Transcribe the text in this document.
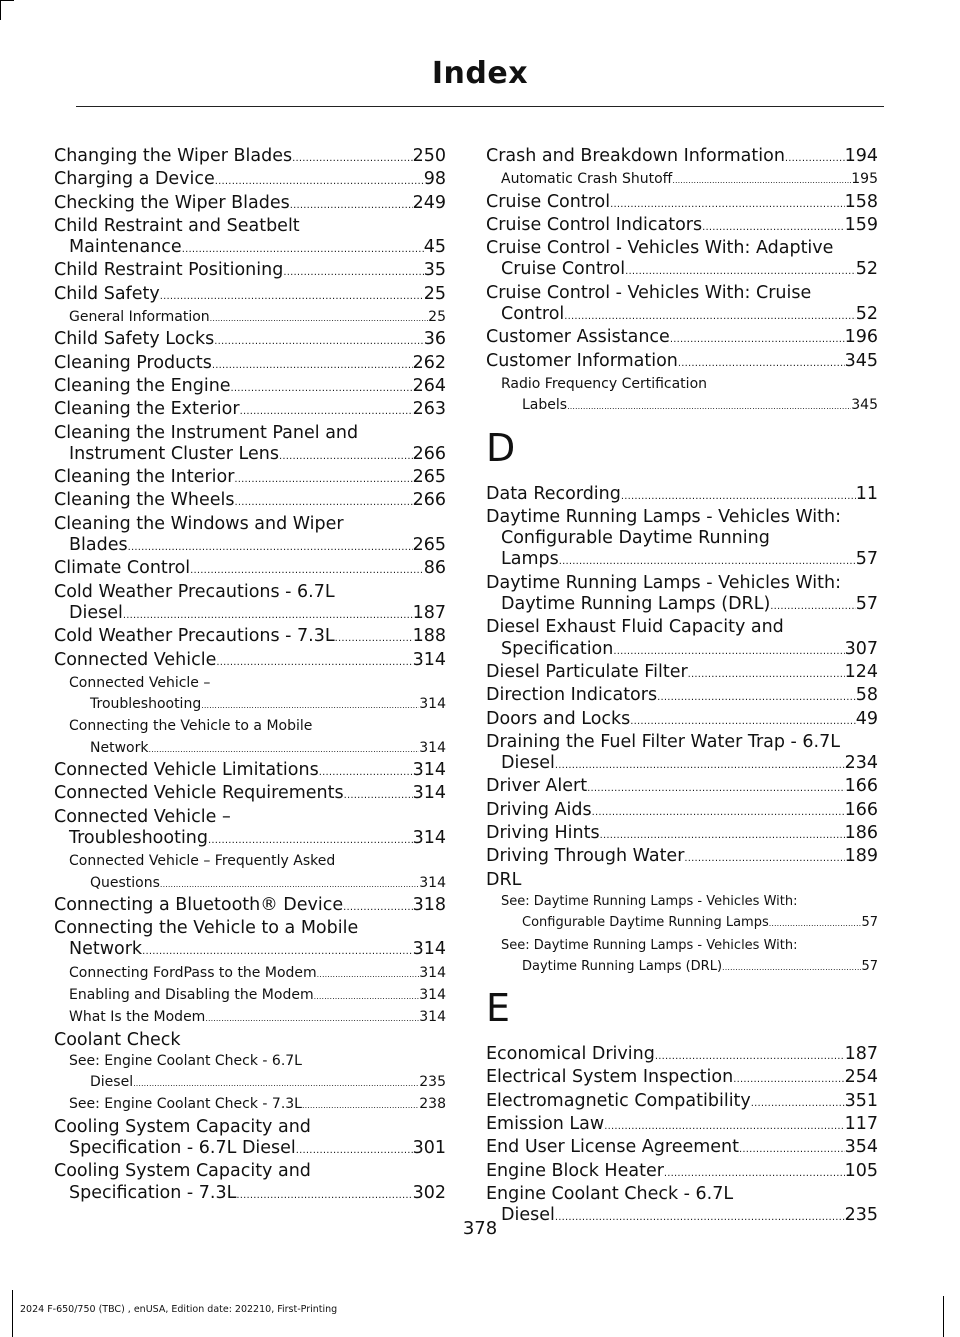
Index
Changing the Wiper Blades .....	250
Charging a Device .....	98
Checking the Wiper Blades .....	249
Child Restraint and Seatbelt
Maintenance .....	45
Child Restraint Positioning .....	35
Child Safety .....	25
General Information .....	25
Child Safety Locks .....	36
Cleaning Products .....	262
Cleaning the Engine .....	264
Cleaning the Exterior .....	263
Cleaning the Instrument Panel and
Instrument Cluster Lens .....	266
Cleaning the Interior .....	265
Cleaning the Wheels .....	266
Cleaning the Windows and Wiper
Blades .....	265
Climate Control .....	86
Cold Weather Precautions - 6.7L
Diesel .....	187
Cold Weather Precautions - 7.3L .....	188
Connected Vehicle .....	314
Connected Vehicle –
Troubleshooting .....	314
Connecting the Vehicle to a Mobile
Network .....	314
Connected Vehicle Limitations .....	314
Connected Vehicle Requirements .....	314
Connected Vehicle –
Troubleshooting .....	314
Connected Vehicle – Frequently Asked
Questions .....	314
Connecting a Bluetooth® Device .....	318
Connecting the Vehicle to a Mobile
Network .....	314
Connecting FordPass to the Modem .....	314
Enabling and Disabling the Modem .....	314
What Is the Modem .....	314
Coolant Check
See: Engine Coolant Check - 6.7L
Diesel .....	235
See: Engine Coolant Check - 7.3L .....	238
Cooling System Capacity and
Specification - 6.7L Diesel .....	301
Cooling System Capacity and
Specification - 7.3L .....	302
Crash and Breakdown Information .....	194
Automatic Crash Shutoff .....	195
Cruise Control .....	158
Cruise Control Indicators .....	159
Cruise Control - Vehicles With: Adaptive
Cruise Control .....	52
Cruise Control - Vehicles With: Cruise
Control .....	52
Customer Assistance .....	196
Customer Information .....	345
Radio Frequency Certification
Labels .....	345
D
Data Recording .....	11
Daytime Running Lamps - Vehicles With:
Configurable Daytime Running
Lamps .....	57
Daytime Running Lamps - Vehicles With:
Daytime Running Lamps (DRL) .....	57
Diesel Exhaust Fluid Capacity and
Specification .....	307
Diesel Particulate Filter .....	124
Direction Indicators .....	58
Doors and Locks .....	49
Draining the Fuel Filter Water Trap - 6.7L
Diesel .....	234
Driver Alert .....	166
Driving Aids .....	166
Driving Hints .....	186
Driving Through Water .....	189
DRL
See: Daytime Running Lamps - Vehicles With:
Configurable Daytime Running Lamps .....	57
See: Daytime Running Lamps - Vehicles With:
Daytime Running Lamps (DRL) .....	57
E
Economical Driving .....	187
Electrical System Inspection .....	254
Electromagnetic Compatibility .....	351
Emission Law .....	117
End User License Agreement .....	354
Engine Block Heater .....	105
Engine Coolant Check - 6.7L
Diesel .....	235
378
2024 F-650/750 (TBC) , enUSA, Edition date: 202210, First-Printing
